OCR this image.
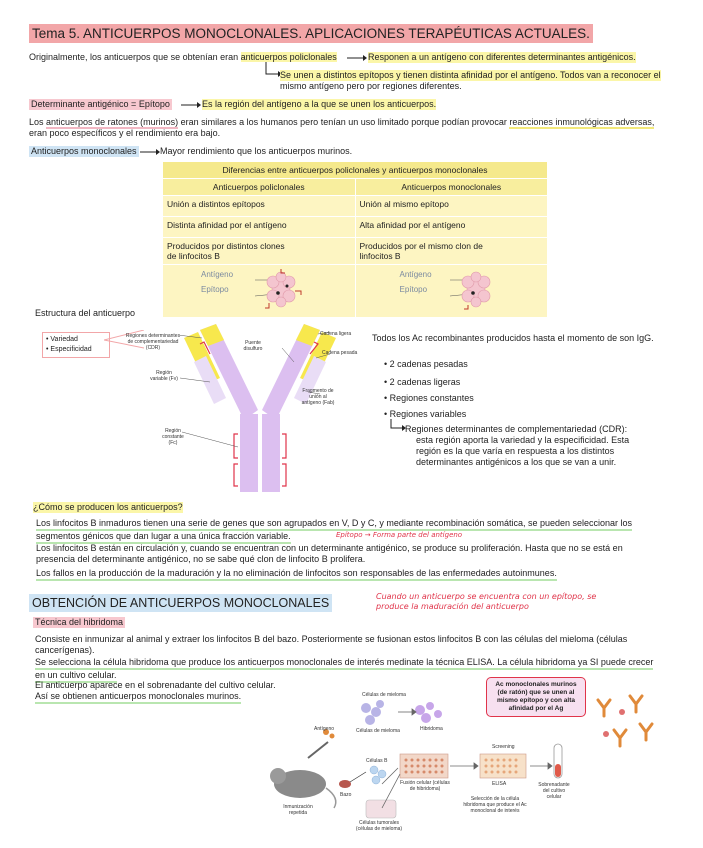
Tema 5. ANTICUERPOS MONOCLONALES. APLICACIONES TERAPÉUTICAS ACTUALES.
Originalmente, los anticuerpos que se obtenían eran anticuerpos policlonales	Responen a un antígeno con diferentes determinantes antigénicos.
Se unen a distintos epítopos y tienen distinta afinidad por el antígeno. Todos van a reconocer el
mismo antígeno pero por regiones diferentes.
Determinante antigénico = Epítopo	Es la región del antígeno a la que se unen los anticuerpos.
Los anticuerpos de ratones (murinos) eran similares a los humanos pero tenían un uso limitado porque podían provocar reacciones inmunológicas adversas,
eran poco específicos y el rendimiento era bajo.
Anticuerpos monoclonales	Mayor rendimiento que los anticuerpos murinos.
Diferencias entre anticuerpos policlonales y anticuerpos monoclonales	
Anticuerpos policlonales	Anticuerpos monoclonales
Unión a distintos epítopos	Unión al mismo epítopo
Distinta afinidad por el antígeno	Alta afinidad por el antígeno
Producidos por distintos clones de linfocitos B	Producidos por el mismo clon de linfocitos B

Antígeno
Epítopo	Antígeno
Epítopo
Estructura del anticuerpo
• Variedad
• Especificidad
Regiones determinantes de complementariedad (CDR)
Región variable (Fv)
Región constante (Fc)
Puente disulfuro
Cadena ligera
Cadena pesada
Fragmento de unión al antígeno (Fab)
Todos los Ac recombinantes producidos hasta el momento de son IgG.
• 2 cadenas pesadas
• 2 cadenas ligeras
• Regiones constantes
• Regiones variables
Regiones determinantes de complementariedad (CDR):
esta región aporta la variedad y la especificidad. Esta
región es la que varía en respuesta a los distintos
determinantes antigénicos a los que se van a unir.
¿Cómo se producen los anticuerpos?
Los linfocitos B inmaduros tienen una serie de genes que son agrupados en V, D y C, y mediante recombinación somática, se pueden seleccionar los
segmentos génicos que dan lugar a una única fracción variable.	Epítopo → Forma parte del antígeno
Los linfocitos B están en circulación y, cuando se encuentran con un determinante antigénico, se produce su proliferación. Hasta que no se está en
presencia del determinante antigénico, no se sabe qué clon de linfocito B prolifera.
Los fallos en la producción de la maduración y la no eliminación de linfocitos son responsables de las enfermedades autoinmunes.
OBTENCIÓN DE ANTICUERPOS MONOCLONALES	Cuando un anticuerpo se encuentra con un epítopo, se produce la maduración del anticuerpo
Técnica del hibridoma
Consiste en inmunizar al animal y extraer los linfocitos B del bazo. Posteriormente se fusionan estos linfocitos B con las células del mieloma (células
cancerígenas).
Se selecciona la célula hibridoma que produce los anticuerpos monoclonales de interés medinate la técnica ELISA. La célula hibridoma ya SI puede crecer
en un cultivo celular.
El anticuerpo aparece en el sobrenadante del cultivo celular.
Así se obtienen anticuerpos monoclonales murinos.
Antígeno
Inmunización repetida
Bazo
Células B
Células de mieloma
Células de mieloma	Hibridoma
Células tumorales (células de mieloma)
Fusión celular (células de hibridoma)
Screening
ELISA
Selección de la célula hibridoma que produce el Ac monoclonal de interés
Sobrenadante del cultivo celular
Ac monoclonales murinos (de ratón) que se unen al mismo epítopo y con alta afinidad por el Ag
